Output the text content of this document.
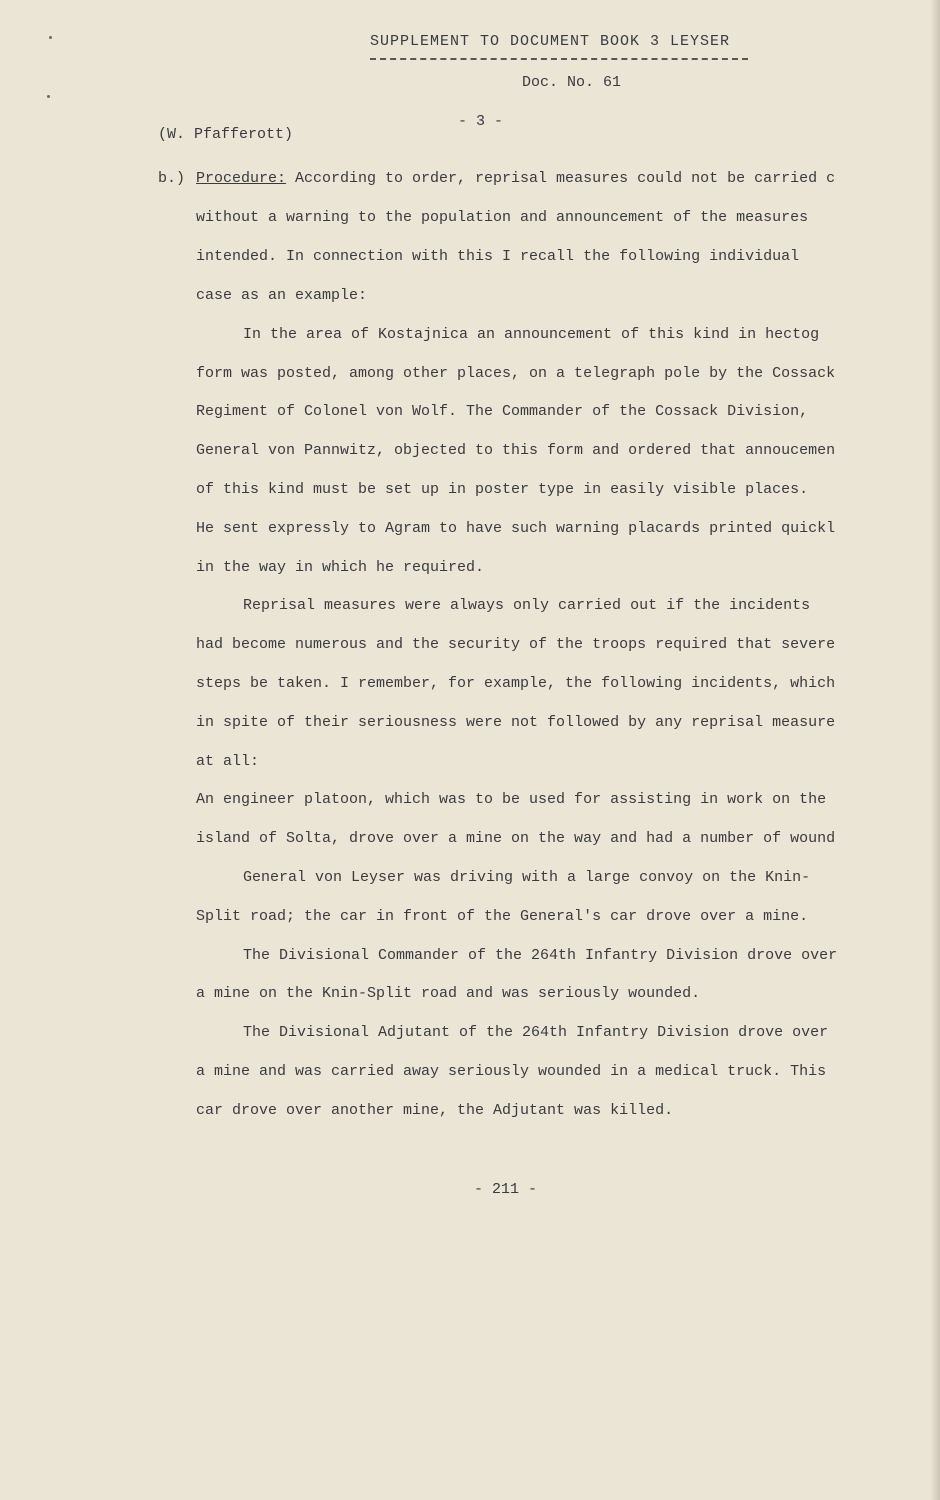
SUPPLEMENT TO DOCUMENT BOOK 3 LEYSER
Doc. No. 61
- 3 -
(W. Pfafferott)
b.) Procedure: According to order, reprisal measures could not be carried c
without a warning to the population and announcement of the measures
intended. In connection with this I recall the following individual
case as an example:
In the area of Kostajnica an announcement of this kind in hectog
form was posted, among other places, on a telegraph pole by the Cossack
Regiment of Colonel von Wolf. The Commander of the Cossack Division,
General von Pannwitz, objected to this form and ordered that annoucemen
of this kind must be set up in poster type in easily visible places.
He sent expressly to Agram to have such warning placards printed quickl
in the way in which he required.
Reprisal measures were always only carried out if the incidents
had become numerous and the security of the troops required that severe
steps be taken. I remember, for example, the following incidents, which
in spite of their seriousness were not followed by any reprisal measure
at all:
An engineer platoon, which was to be used for assisting in work on the
island of Solta, drove over a mine on the way and had a number of wound
General von Leyser was driving with a large convoy on the Knin-
Split road; the car in front of the General's car drove over a mine.
The Divisional Commander of the 264th Infantry Division drove over
a mine on the Knin-Split road and was seriously wounded.
The Divisional Adjutant of the 264th Infantry Division drove over
a mine and was carried away seriously wounded in a medical truck. This
car drove over another mine, the Adjutant was killed.
- 211 -
